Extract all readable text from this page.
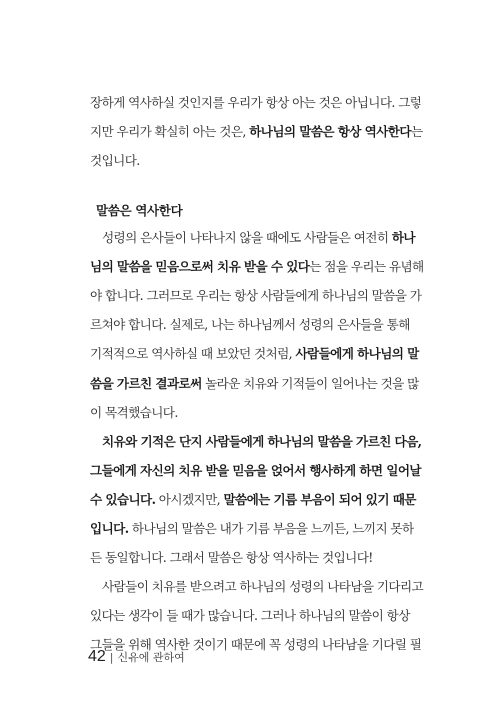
장하게 역사하실 것인지를 우리가 항상 아는 것은 아닙니다. 그렇
지만 우리가 확실히 아는 것은, 하나님의 말씀은 항상 역사한다는
것입니다.
말씀은 역사한다
　성령의 은사들이 나타나지 않을 때에도 사람들은 여전히 하나
님의 말씀을 믿음으로써 치유 받을 수 있다는 점을 우리는 유념해
야 합니다. 그러므로 우리는 항상 사람들에게 하나님의 말씀을 가
르쳐야 합니다. 실제로, 나는 하나님께서 성령의 은사들을 통해
기적적으로 역사하실 때 보았던 것처럼, 사람들에게 하나님의 말
씀을 가르친 결과로써 놀라운 치유와 기적들이 일어나는 것을 많
이 목격했습니다.
　치유와 기적은 단지 사람들에게 하나님의 말씀을 가르친 다음,
그들에게 자신의 치유 받을 믿음을 얹어서 행사하게 하면 일어날
수 있습니다. 아시겠지만, 말씀에는 기름 부음이 되어 있기 때문
입니다. 하나님의 말씀은 내가 기름 부음을 느끼든, 느끼지 못하
든 동일합니다. 그래서 말씀은 항상 역사하는 것입니다!
　사람들이 치유를 받으려고 하나님의 성령의 나타남을 기다리고
있다는 생각이 들 때가 많습니다. 그러나 하나님의 말씀이 항상
그들을 위해 역사한 것이기 때문에 꼭 성령의 나타남을 기다릴 필
42 | 신유에 관하여
